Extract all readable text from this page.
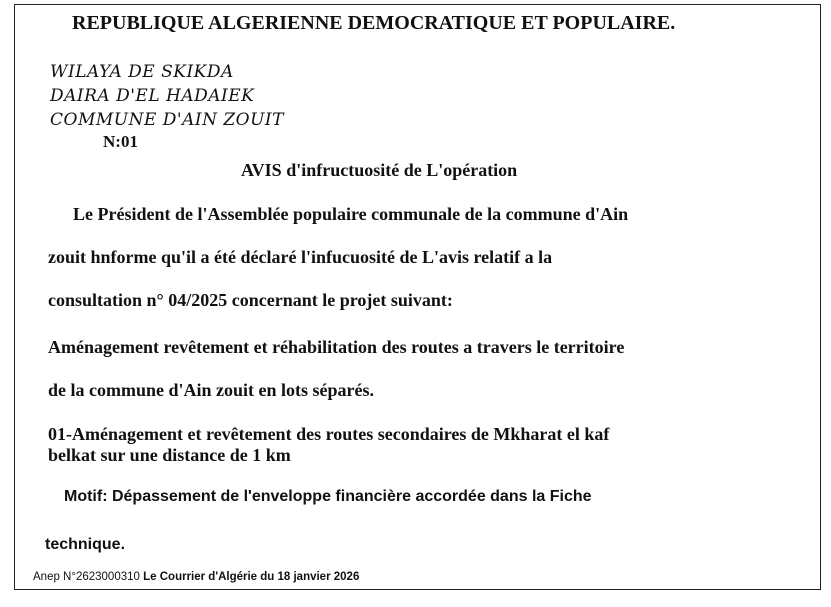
REPUBLIQUE ALGERIENNE DEMOCRATIQUE ET POPULAIRE.
WILAYA DE SKIKDA
DAIRA D'EL HADAIEK
COMMUNE D'AIN ZOUIT
N:01
AVIS d'infructuosité de L'opération
Le Président de l'Assemblée populaire communale de la commune d'Ain
zouit hnforme qu'il a été déclaré l'infucuosité de L'avis relatif a la
consultation n° 04/2025 concernant le projet suivant:
Aménagement revêtement et réhabilitation des routes a travers le territoire
de la commune d'Ain zouit en lots séparés.
01-Aménagement et revêtement des routes secondaires de Mkharat el kaf
belkat sur une distance de 1 km
Motif: Dépassement de l'enveloppe financière accordée dans la Fiche
technique.
Anep N°2623000310 Le Courrier d'Algérie du 18 janvier 2026
